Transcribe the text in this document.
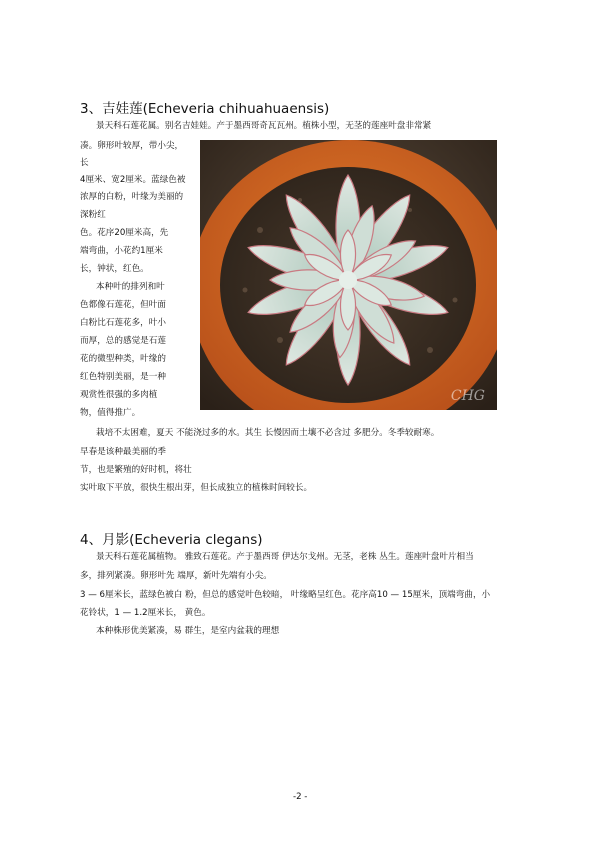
3、吉娃莲(Echeveria chihuahuaensis)
景天科石莲花属。别名吉娃娃。产于墨西哥奇瓦瓦州。植株小型，无茎的莲座叶盘非常紧
凑。卵形叶较厚，带小尖，
长
4厘米、宽2厘米。蓝绿色被
浓厚的白粉，叶缘为美丽的
深粉红
色。花序20厘米高，先
端弯曲，小花约1厘米
长，钟状，红色。
本种叶的排列和叶
色都像石莲花，但叶面
白粉比石莲花多，叶小
而厚，总的感觉是石莲
花的微型种类，叶缘的
红色特别美丽，是一种
观赏性很强的多肉植
物，值得推广。
栽培不太困难，夏天 不能浇过多的水。其生 长慢因而土壤不必含过 多肥分。冬季较耐寒。
早春是该种最美丽的季
节，也是繁殖的好时机，将壮
实叶取下平放，很快生根出芽，但长成独立的植株时间较长。
CHG
4、月影(Echeveria clegans)
景天科石莲花属植物。 雅致石莲花。产于墨西哥 伊达尔戈州。无茎，老株 丛生。莲座叶盘叶片相当
多，排列紧凑。卵形叶先 端厚，新叶先端有小尖。
3 — 6厘米长，蓝绿色被白 粉，但总的感觉叶色较暗， 叶缘略呈红色。花序高10 — 15厘米，顶端弯曲，小
花铃状，1 — 1.2厘米长， 黄色。
本种株形优美紧凑，易 群生，是室内盆栽的理想
-2 -
